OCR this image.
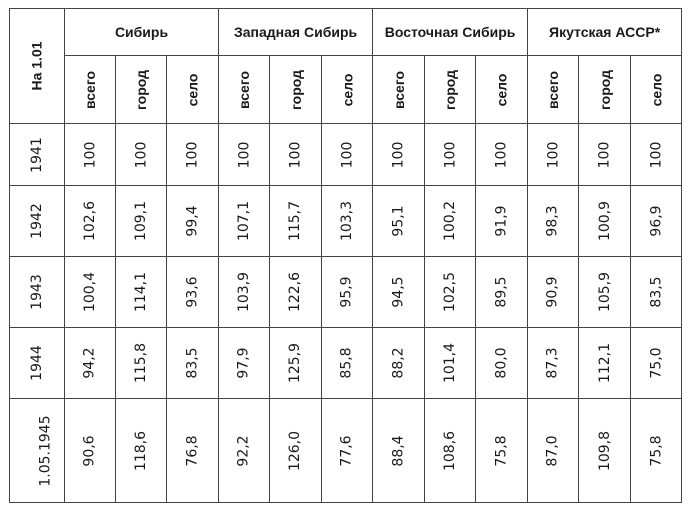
На 1.01	Сибирь			Западная Сибирь			Восточная Сибирь			Якутская АССР*		
	всего	город	село	всего	город	село	всего	город	село	всего	город	село
1941	100	100	100	100	100	100	100	100	100	100	100	100
1942	102,6	109,1	99,4	107,1	115,7	103,3	95,1	100,2	91,9	98,3	100,9	96,9
1943	100,4	114,1	93,6	103,9	122,6	95,9	94,5	102,5	89,5	90,9	105,9	83,5
1944	94,2	115,8	83,5	97,9	125,9	85,8	88,2	101,4	80,0	87,3	112,1	75,0
1.05.1945	90,6	118,6	76,8	92,2	126,0	77,6	88,4	108,6	75,8	87,0	109,8	75,8
